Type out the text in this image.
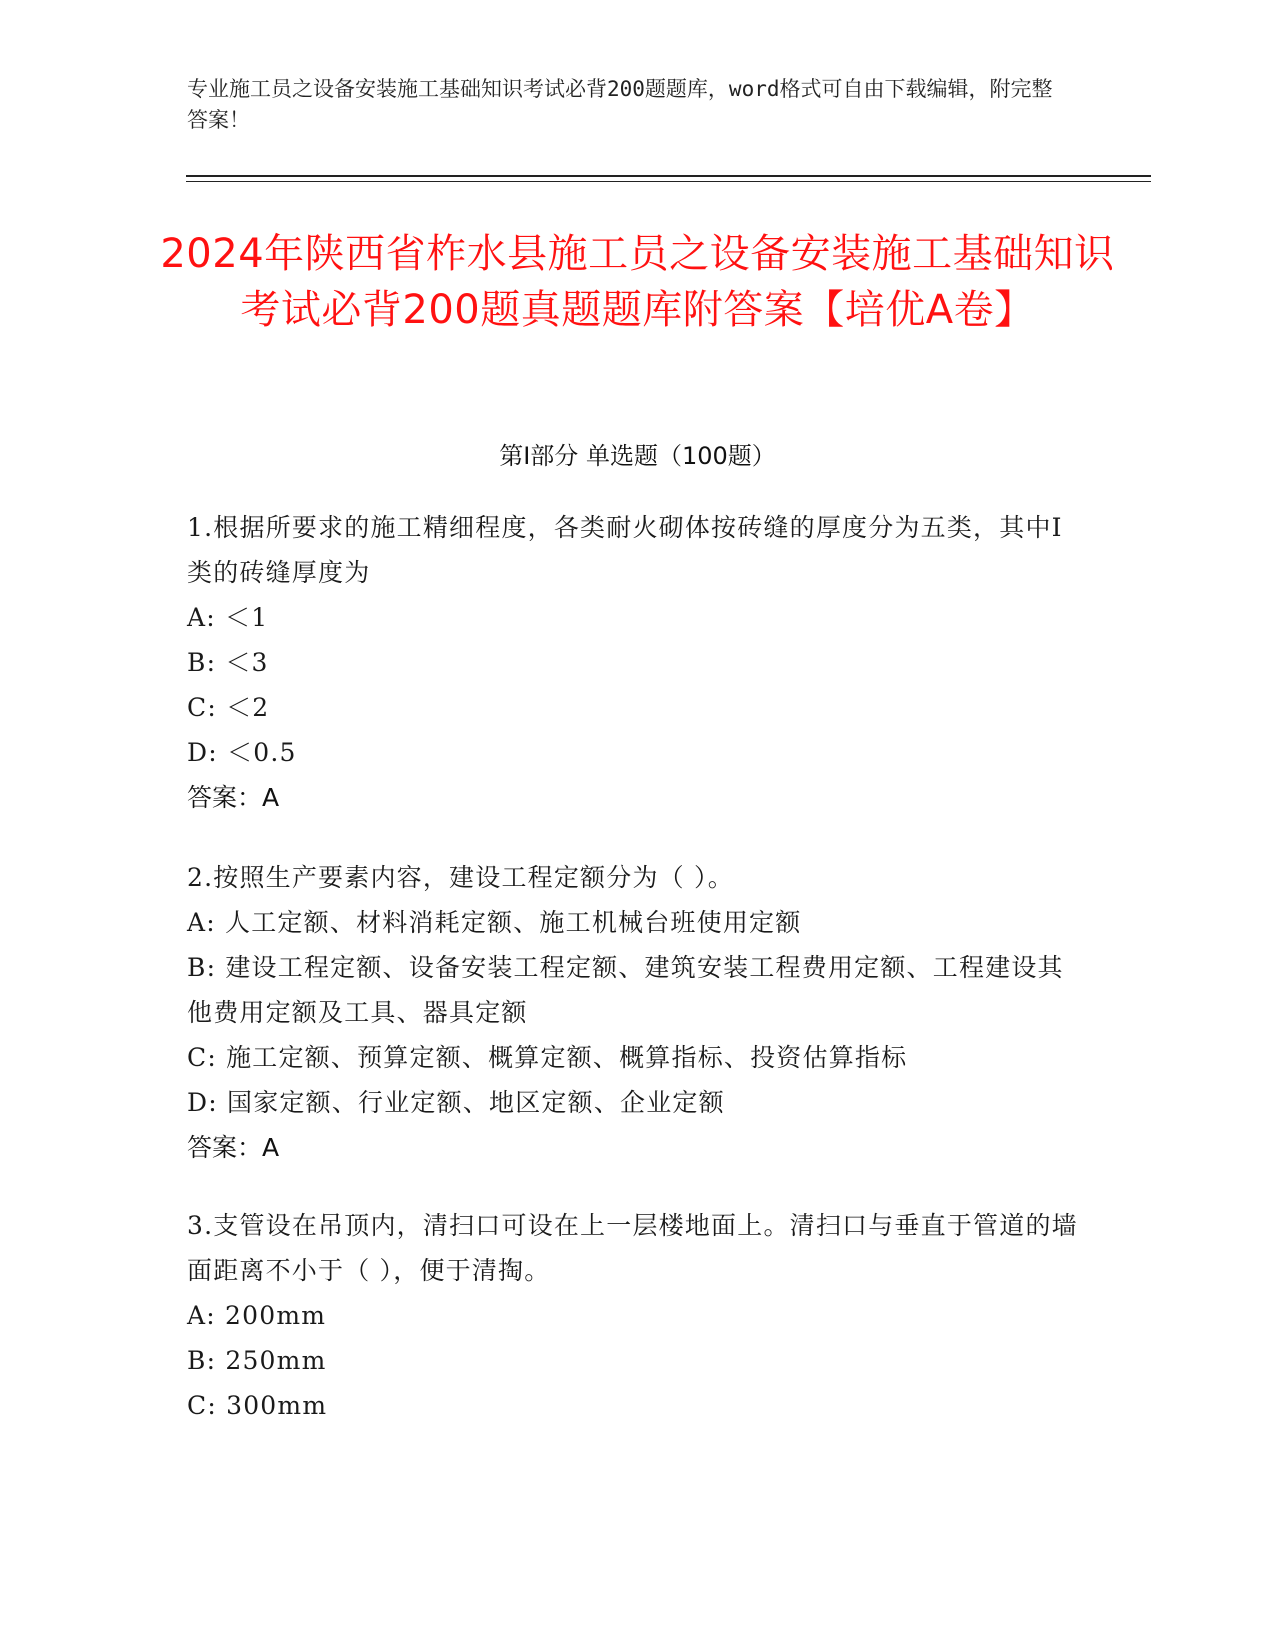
专业施工员之设备安装施工基础知识考试必背200题题库，word格式可自由下载编辑，附完整答案！
2024年陕西省柞水县施工员之设备安装施工基础知识考试必背200题真题题库附答案【培优A卷】
第I部分 单选题（100题）
1.根据所要求的施工精细程度，各类耐火砌体按砖缝的厚度分为五类，其中Ⅰ类的砖缝厚度为
A: ＜1
B: ＜3
C: ＜2
D: ＜0.5
答案：A
2.按照生产要素内容，建设工程定额分为（ ）。
A: 人工定额、材料消耗定额、施工机械台班使用定额
B: 建设工程定额、设备安装工程定额、建筑安装工程费用定额、工程建设其他费用定额及工具、器具定额
C: 施工定额、预算定额、概算定额、概算指标、投资估算指标
D: 国家定额、行业定额、地区定额、企业定额
答案：A
3.支管设在吊顶内，清扫口可设在上一层楼地面上。清扫口与垂直于管道的墙面距离不小于（ ），便于清掏。
A: 200mm
B: 250mm
C: 300mm
